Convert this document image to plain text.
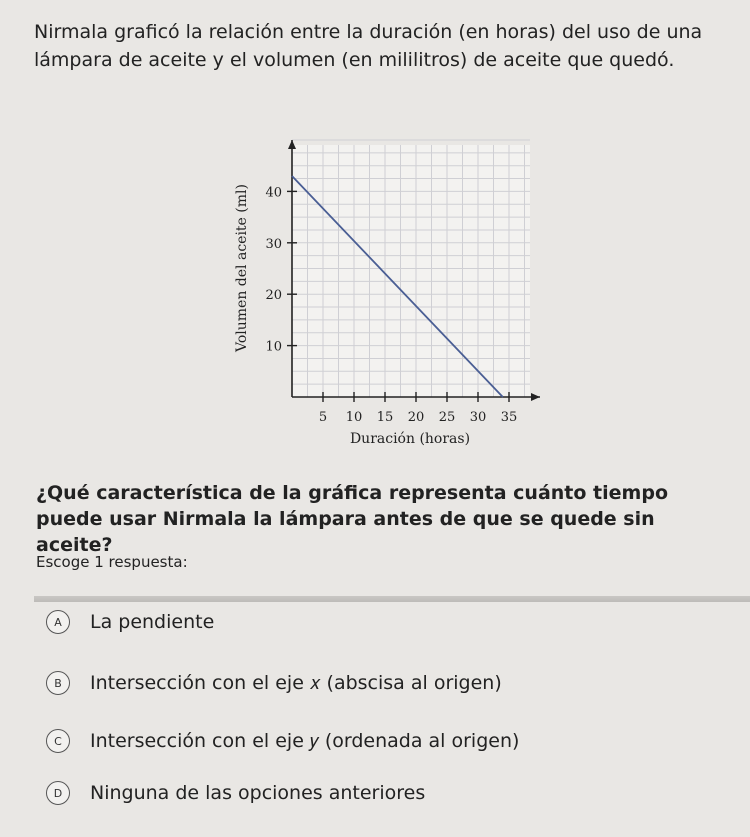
Nirmala graficó la relación entre la duración (en horas) del uso de una lámpara de aceite y el volumen (en mililitros) de aceite que quedó.
5 10 15 20 25 30 35
10
20
30
40
Duración (horas)
Volumen del aceite (ml)
¿Qué característica de la gráfica representa cuánto tiempo puede usar Nirmala la lámpara antes de que se quede sin aceite?
Escoge 1 respuesta:
A	La pendiente
B	Intersección con el eje 𝑥 (abscisa al origen)
C	Intersección con el eje 𝑦 (ordenada al origen)
D	Ninguna de las opciones anteriores
